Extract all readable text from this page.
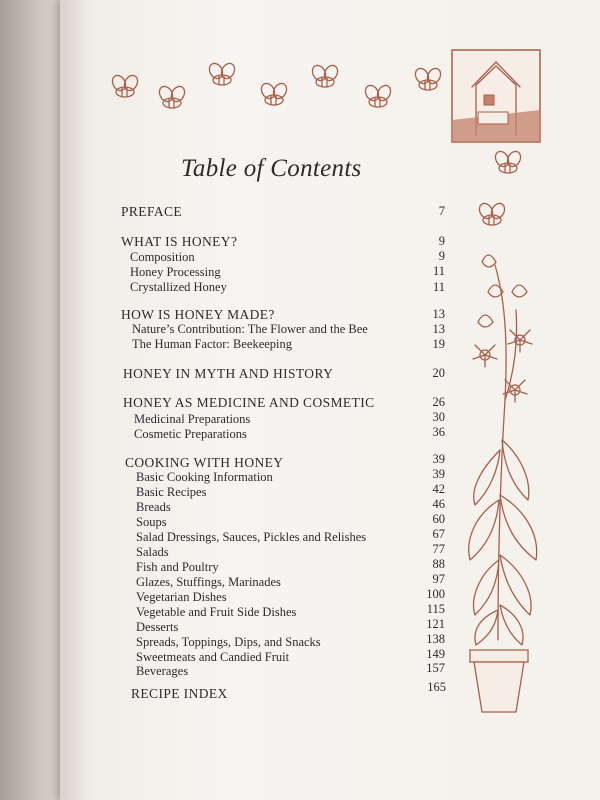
Table of Contents
PREFACE	7
WHAT IS HONEY?	9
Composition	9
Honey Processing	11
Crystallized Honey	11
HOW IS HONEY MADE?	13
Nature’s Contribution: The Flower and the Bee	13
The Human Factor: Beekeeping	19
HONEY IN MYTH AND HISTORY	20
HONEY AS MEDICINE AND COSMETIC	26
Medicinal Preparations	30
Cosmetic Preparations	36
COOKING WITH HONEY	39
Basic Cooking Information	39
Basic Recipes	42
Breads	46
Soups	60
Salad Dressings, Sauces, Pickles and Relishes	67
Salads	77
Fish and Poultry	88
Glazes, Stuffings, Marinades	97
Vegetarian Dishes	100
Vegetable and Fruit Side Dishes	115
Desserts	121
Spreads, Toppings, Dips, and Snacks	138
Sweetmeats and Candied Fruit	149
Beverages	157
RECIPE INDEX	165
